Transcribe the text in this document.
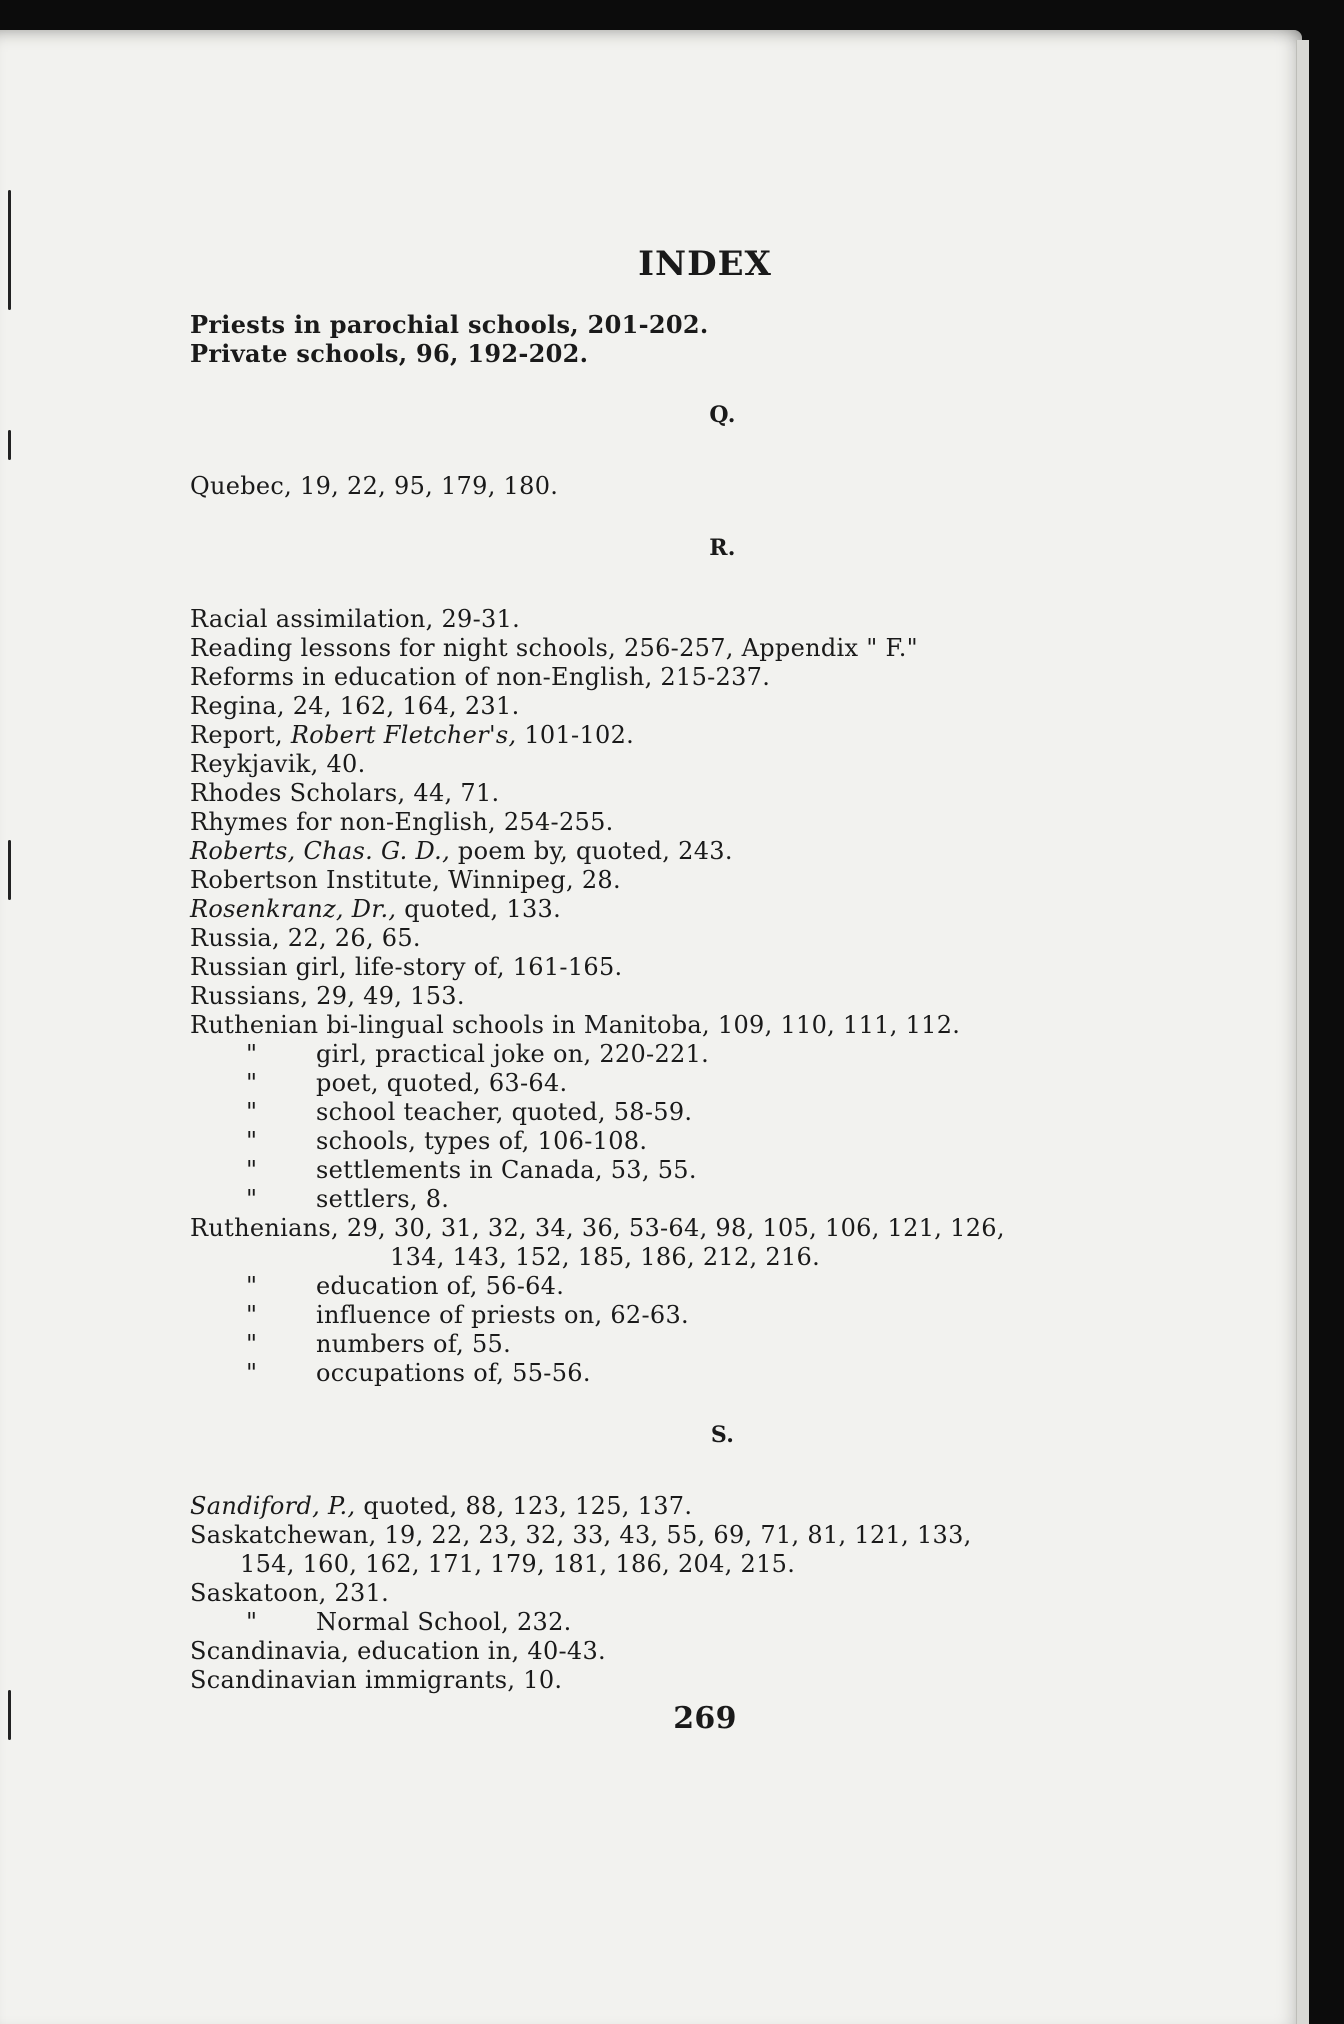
INDEX
Priests in parochial schools, 201-202.
Private schools, 96, 192-202.
Q.
Quebec, 19, 22, 95, 179, 180.
R.
Racial assimilation, 29-31.
Reading lessons for night schools, 256-257, Appendix " F."
Reforms in education of non-English, 215-237.
Regina, 24, 162, 164, 231.
Report, Robert Fletcher's, 101-102.
Reykjavik, 40.
Rhodes Scholars, 44, 71.
Rhymes for non-English, 254-255.
Roberts, Chas. G. D., poem by, quoted, 243.
Robertson Institute, Winnipeg, 28.
Rosenkranz, Dr., quoted, 133.
Russia, 22, 26, 65.
Russian girl, life-story of, 161-165.
Russians, 29, 49, 153.
Ruthenian bi-lingual schools in Manitoba, 109, 110, 111, 112.
" girl, practical joke on, 220-221.
" poet, quoted, 63-64.
" school teacher, quoted, 58-59.
" schools, types of, 106-108.
" settlements in Canada, 53, 55.
" settlers, 8.
Ruthenians, 29, 30, 31, 32, 34, 36, 53-64, 98, 105, 106, 121, 126,
134, 143, 152, 185, 186, 212, 216.
" education of, 56-64.
" influence of priests on, 62-63.
" numbers of, 55.
" occupations of, 55-56.
S.
Sandiford, P., quoted, 88, 123, 125, 137.
Saskatchewan, 19, 22, 23, 32, 33, 43, 55, 69, 71, 81, 121, 133,
154, 160, 162, 171, 179, 181, 186, 204, 215.
Saskatoon, 231.
" Normal School, 232.
Scandinavia, education in, 40-43.
Scandinavian immigrants, 10.
269
